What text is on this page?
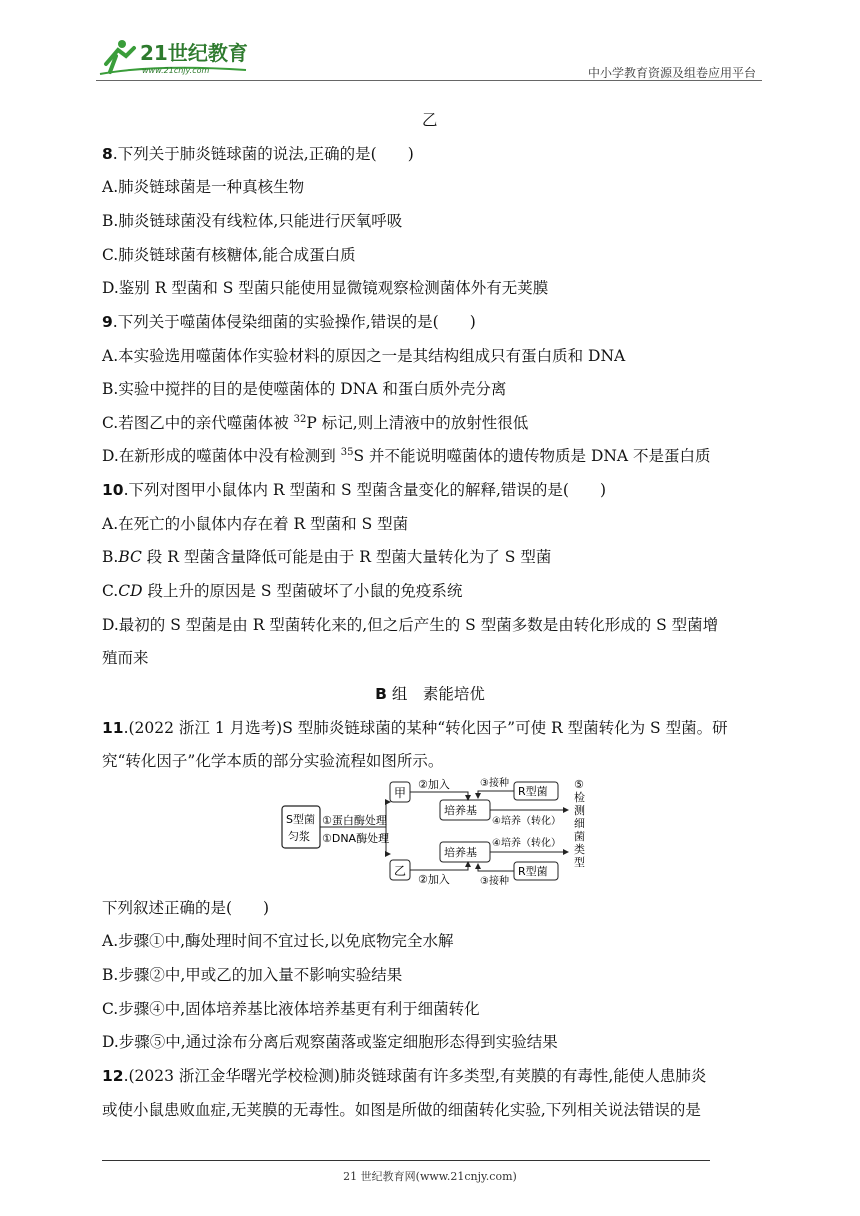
21世纪教育
www.21cnjy.com	中小学教育资源及组卷应用平台
乙
8.下列关于肺炎链球菌的说法,正确的是(　　)
A.肺炎链球菌是一种真核生物
B.肺炎链球菌没有线粒体,只能进行厌氧呼吸
C.肺炎链球菌有核糖体,能合成蛋白质
D.鉴别 R 型菌和 S 型菌只能使用显微镜观察检测菌体外有无荚膜
9.下列关于噬菌体侵染细菌的实验操作,错误的是(　　)
A.本实验选用噬菌体作实验材料的原因之一是其结构组成只有蛋白质和 DNA
B.实验中搅拌的目的是使噬菌体的 DNA 和蛋白质外壳分离
C.若图乙中的亲代噬菌体被 $^{32}$P 标记,则上清液中的放射性很低
D.在新形成的噬菌体中没有检测到 $^{35}$S 并不能说明噬菌体的遗传物质是 DNA 不是蛋白质
10.下列对图甲小鼠体内 R 型菌和 S 型菌含量变化的解释,错误的是(　　)
A.在死亡的小鼠体内存在着 R 型菌和 S 型菌
B.BC 段 R 型菌含量降低可能是由于 R 型菌大量转化为了 S 型菌
C.CD 段上升的原因是 S 型菌破坏了小鼠的免疫系统
D.最初的 S 型菌是由 R 型菌转化来的,但之后产生的 S 型菌多数是由转化形成的 S 型菌增
殖而来
B 组　素能培优
11.(2022 浙江 1 月选考)S 型肺炎链球菌的某种“转化因子”可使 R 型菌转化为 S 型菌。研
究“转化因子”化学本质的部分实验流程如图所示。
S型菌
匀浆
①蛋白酶处理
①DNA酶处理
甲
乙
②加入
②加入
培养基
培养基
R型菌
R型菌
③接种
③接种
④培养（转化）
④培养（转化）
⑤
检
测
细
菌
类
型
下列叙述正确的是(　　)
A.步骤①中,酶处理时间不宜过长,以免底物完全水解
B.步骤②中,甲或乙的加入量不影响实验结果
C.步骤④中,固体培养基比液体培养基更有利于细菌转化
D.步骤⑤中,通过涂布分离后观察菌落或鉴定细胞形态得到实验结果
12.(2023 浙江金华曙光学校检测)肺炎链球菌有许多类型,有荚膜的有毒性,能使人患肺炎
或使小鼠患败血症,无荚膜的无毒性。如图是所做的细菌转化实验,下列相关说法错误的是
21 世纪教育网(www.21cnjy.com)
